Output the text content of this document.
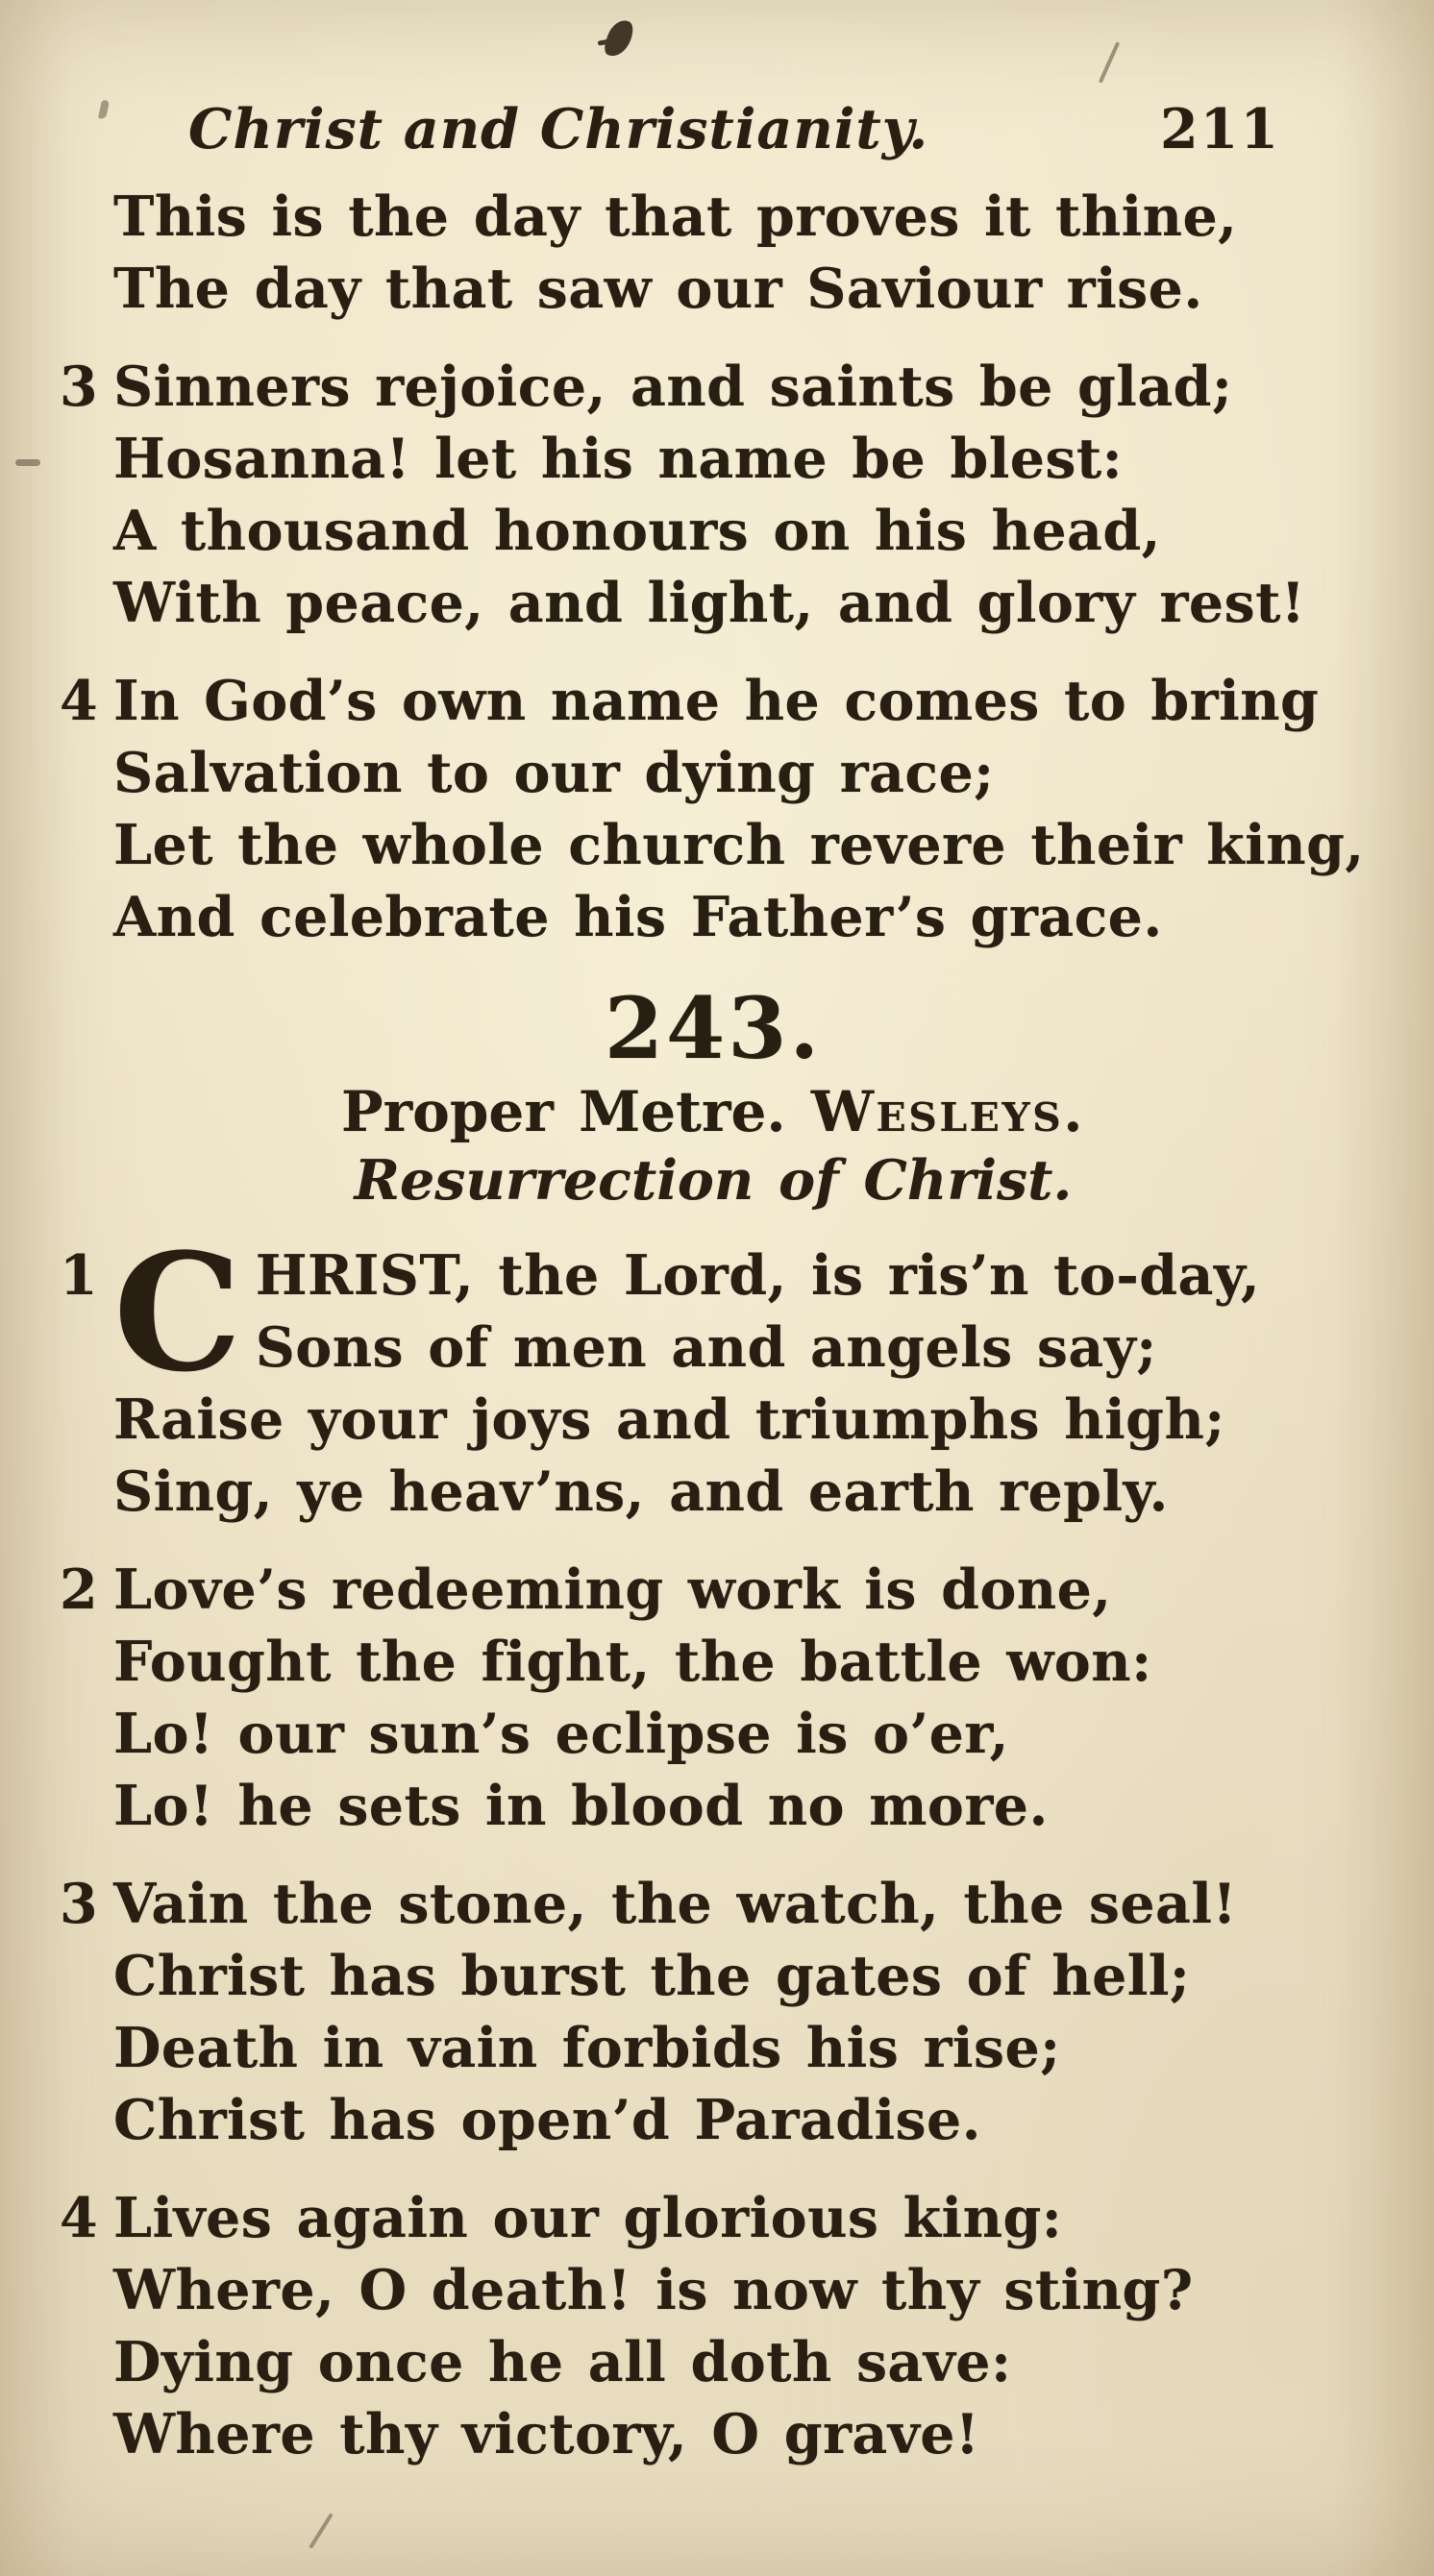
Christ and Christianity.	211
This is the day that proves it thine,
The day that saw our Saviour rise.
3 Sinners rejoice, and saints be glad;
Hosanna! let his name be blest:
A thousand honours on his head,
With peace, and light, and glory rest!
4 In God’s own name he comes to bring
Salvation to our dying race;
Let the whole church revere their king,
And celebrate his Father’s grace.
243.
Proper Metre. Wesleys.
Resurrection of Christ.
1 C HRIST, the Lord, is ris’n to-day,
Sons of men and angels say;
Raise your joys and triumphs high;
Sing, ye heav’ns, and earth reply.
2 Love’s redeeming work is done,
Fought the fight, the battle won:
Lo! our sun’s eclipse is o’er,
Lo! he sets in blood no more.
3 Vain the stone, the watch, the seal!
Christ has burst the gates of hell;
Death in vain forbids his rise;
Christ has open’d Paradise.
4 Lives again our glorious king:
Where, O death! is now thy sting?
Dying once he all doth save:
Where thy victory, O grave!
